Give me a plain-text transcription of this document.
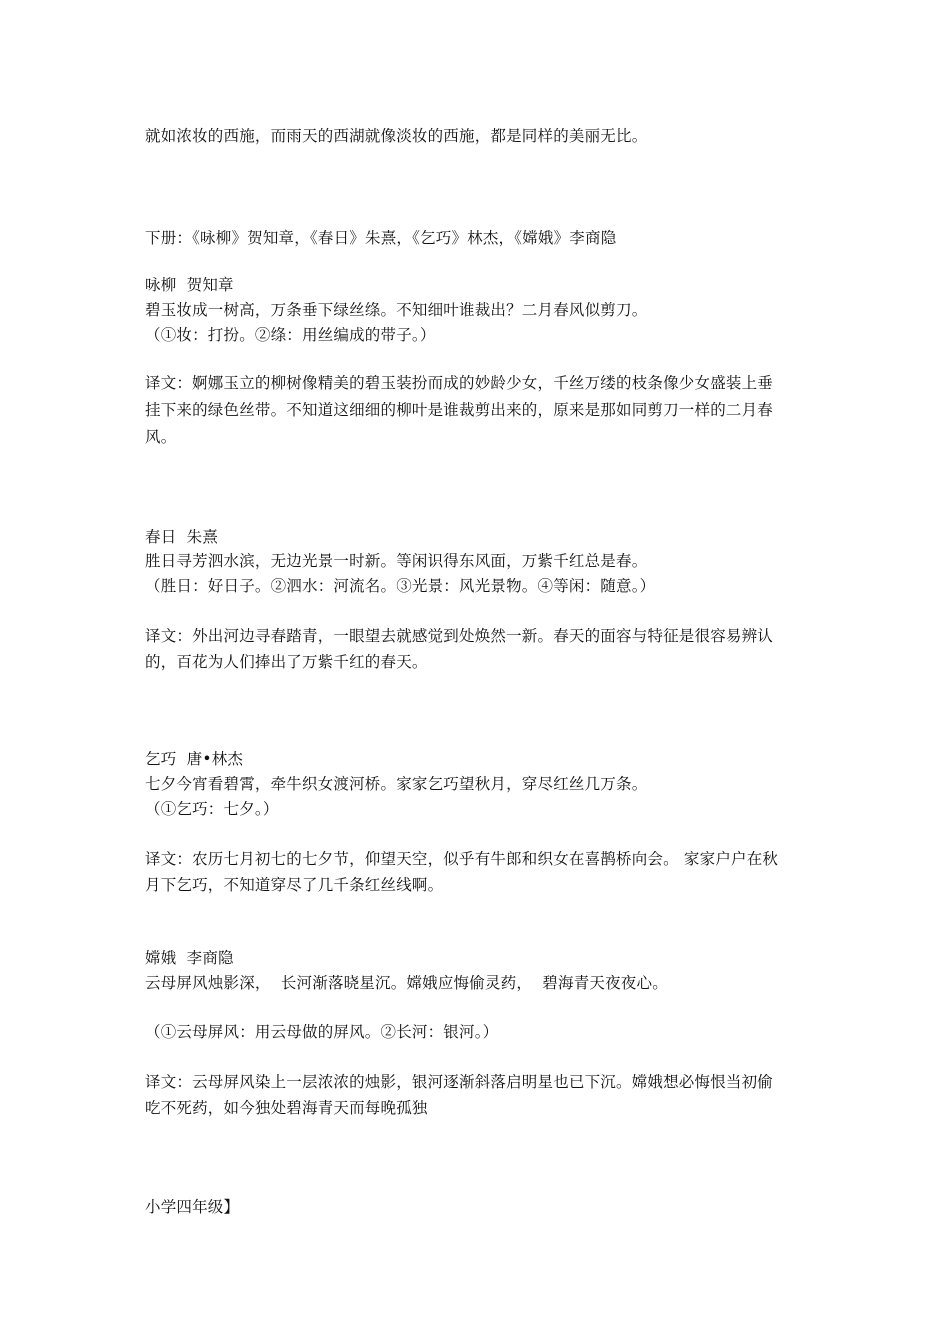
就如浓妆的西施，而雨天的西湖就像淡妆的西施，都是同样的美丽无比。
下册：《咏柳》贺知章，《春日》朱熹，《乞巧》林杰，《嫦娥》李商隐
咏柳  贺知章
碧玉妆成一树高，万条垂下绿丝绦。不知细叶谁裁出？二月春风似剪刀。
（①妆：打扮。②绦：用丝编成的带子。）
译文：婀娜玉立的柳树像精美的碧玉装扮而成的妙龄少女，千丝万缕的枝条像少女盛装上垂
挂下来的绿色丝带。不知道这细细的柳叶是谁裁剪出来的，原来是那如同剪刀一样的二月春
风。
春日  朱熹
胜日寻芳泗水滨，无边光景一时新。等闲识得东风面，万紫千红总是春。
（胜日：好日子。②泗水：河流名。③光景：风光景物。④等闲：随意。）
译文：外出河边寻春踏青，一眼望去就感觉到处焕然一新。春天的面容与特征是很容易辨认
的，百花为人们捧出了万紫千红的春天。
乞巧  唐•林杰
七夕今宵看碧霄，牵牛织女渡河桥。家家乞巧望秋月，穿尽红丝几万条。
（①乞巧：七夕。）
译文：农历七月初七的七夕节，仰望天空，似乎有牛郎和织女在喜鹊桥向会。 家家户户在秋
月下乞巧，不知道穿尽了几千条红丝线啊。
嫦娥  李商隐
云母屏风烛影深，  长河渐落晓星沉。嫦娥应悔偷灵药，  碧海青天夜夜心。
（①云母屏风：用云母做的屏风。②长河：银河。）
译文：云母屏风染上一层浓浓的烛影，银河逐渐斜落启明星也已下沉。嫦娥想必悔恨当初偷
吃不死药，如今独处碧海青天而每晚孤独
小学四年级】
